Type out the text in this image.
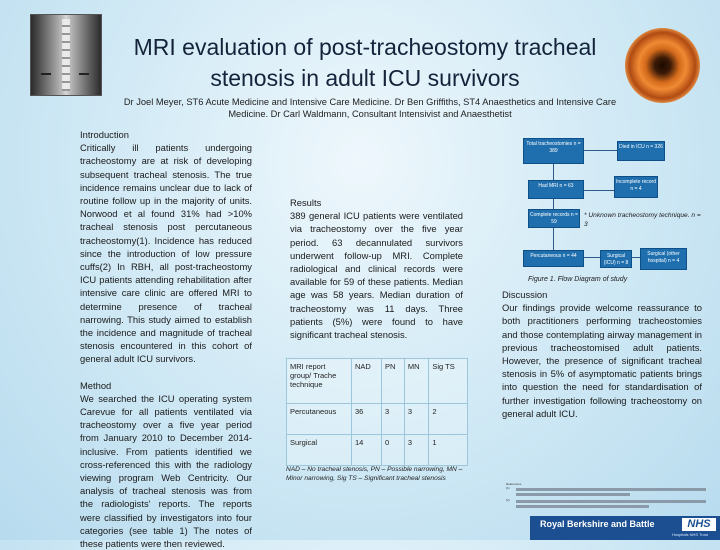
MRI evaluation of post-tracheostomy tracheal stenosis in adult ICU survivors
Dr Joel Meyer, ST6 Acute Medicine and Intensive Care Medicine. Dr Ben Griffiths, ST4 Anaesthetics and Intensive Care Medicine. Dr Carl Waldmann, Consultant Intensivist and Anaesthetist
Introduction

Critically ill patients undergoing tracheostomy are at risk of developing subsequent tracheal stenosis. The true incidence remains unclear due to lack of routine follow up in the majority of units. Norwood et al found 31% had >10% tracheal stenosis post percutaneous tracheostomy(1). Incidence has reduced since the introduction of low pressure cuffs(2) In RBH, all post-tracheostomy ICU patients attending rehabilitation after intensive care clinic are offered MRI to determine presence of tracheal narrowing. This study aimed to establish the incidence and magnitude of tracheal stenosis encountered in this cohort of general adult ICU survivors.

Method

We searched the ICU operating system Carevue for all patients ventilated via tracheostomy over a five year period from January 2010 to December 2014- inclusive. From patients identified we cross-referenced this with the radiology viewing program Web Centricity. Our analysis of tracheal stenosis was from the radiologists' reports. The reports were classified by investigators into four categories (see table 1) The notes of these patients were then reviewed.

Results

389 general ICU patients were ventilated via tracheostomy over the five year period. 63 decannulated survivors underwent follow-up MRI. Complete radiological and clinical records were available for 59 of these patients. Median age was 58 years. Median duration of tracheostomy was 11 days. Three patients (5%) were found to have significant tracheal stenosis.

MRI report group/ Trache technique	NAD	PN	MN	Sig TS
Percutaneous	36	3	3	2
Surgical	14	0	3	1
NAD – No tracheal stenosis, PN – Possible narrowing, MN – Minor narrowing, Sig TS – Significant tracheal stenosis
Total tracheostomies n = 389
Died in ICU n = 326
Had MRI n = 63
Incomplete record n = 4
Complete records n = 59
Percutaneous n = 44	Surgical (ICU) n = 8
Surgical (other hospital) n = 4
* Unknown tracheostomy technique. n = 3
Figure 1. Flow Diagram of study
Discussion

Our findings provide welcome reassurance to both practitioners performing tracheostomies and those contemplating airway management in previous tracheostomised adult patients. However, the presence of significant tracheal stenosis in 5% of asymptomatic patients brings into question the need for standardisation of further investigation following tracheostomy on general adult ICU.

References
(1)
(2)
Royal Berkshire and Battle	NHS
Hospitals NHS Trust
